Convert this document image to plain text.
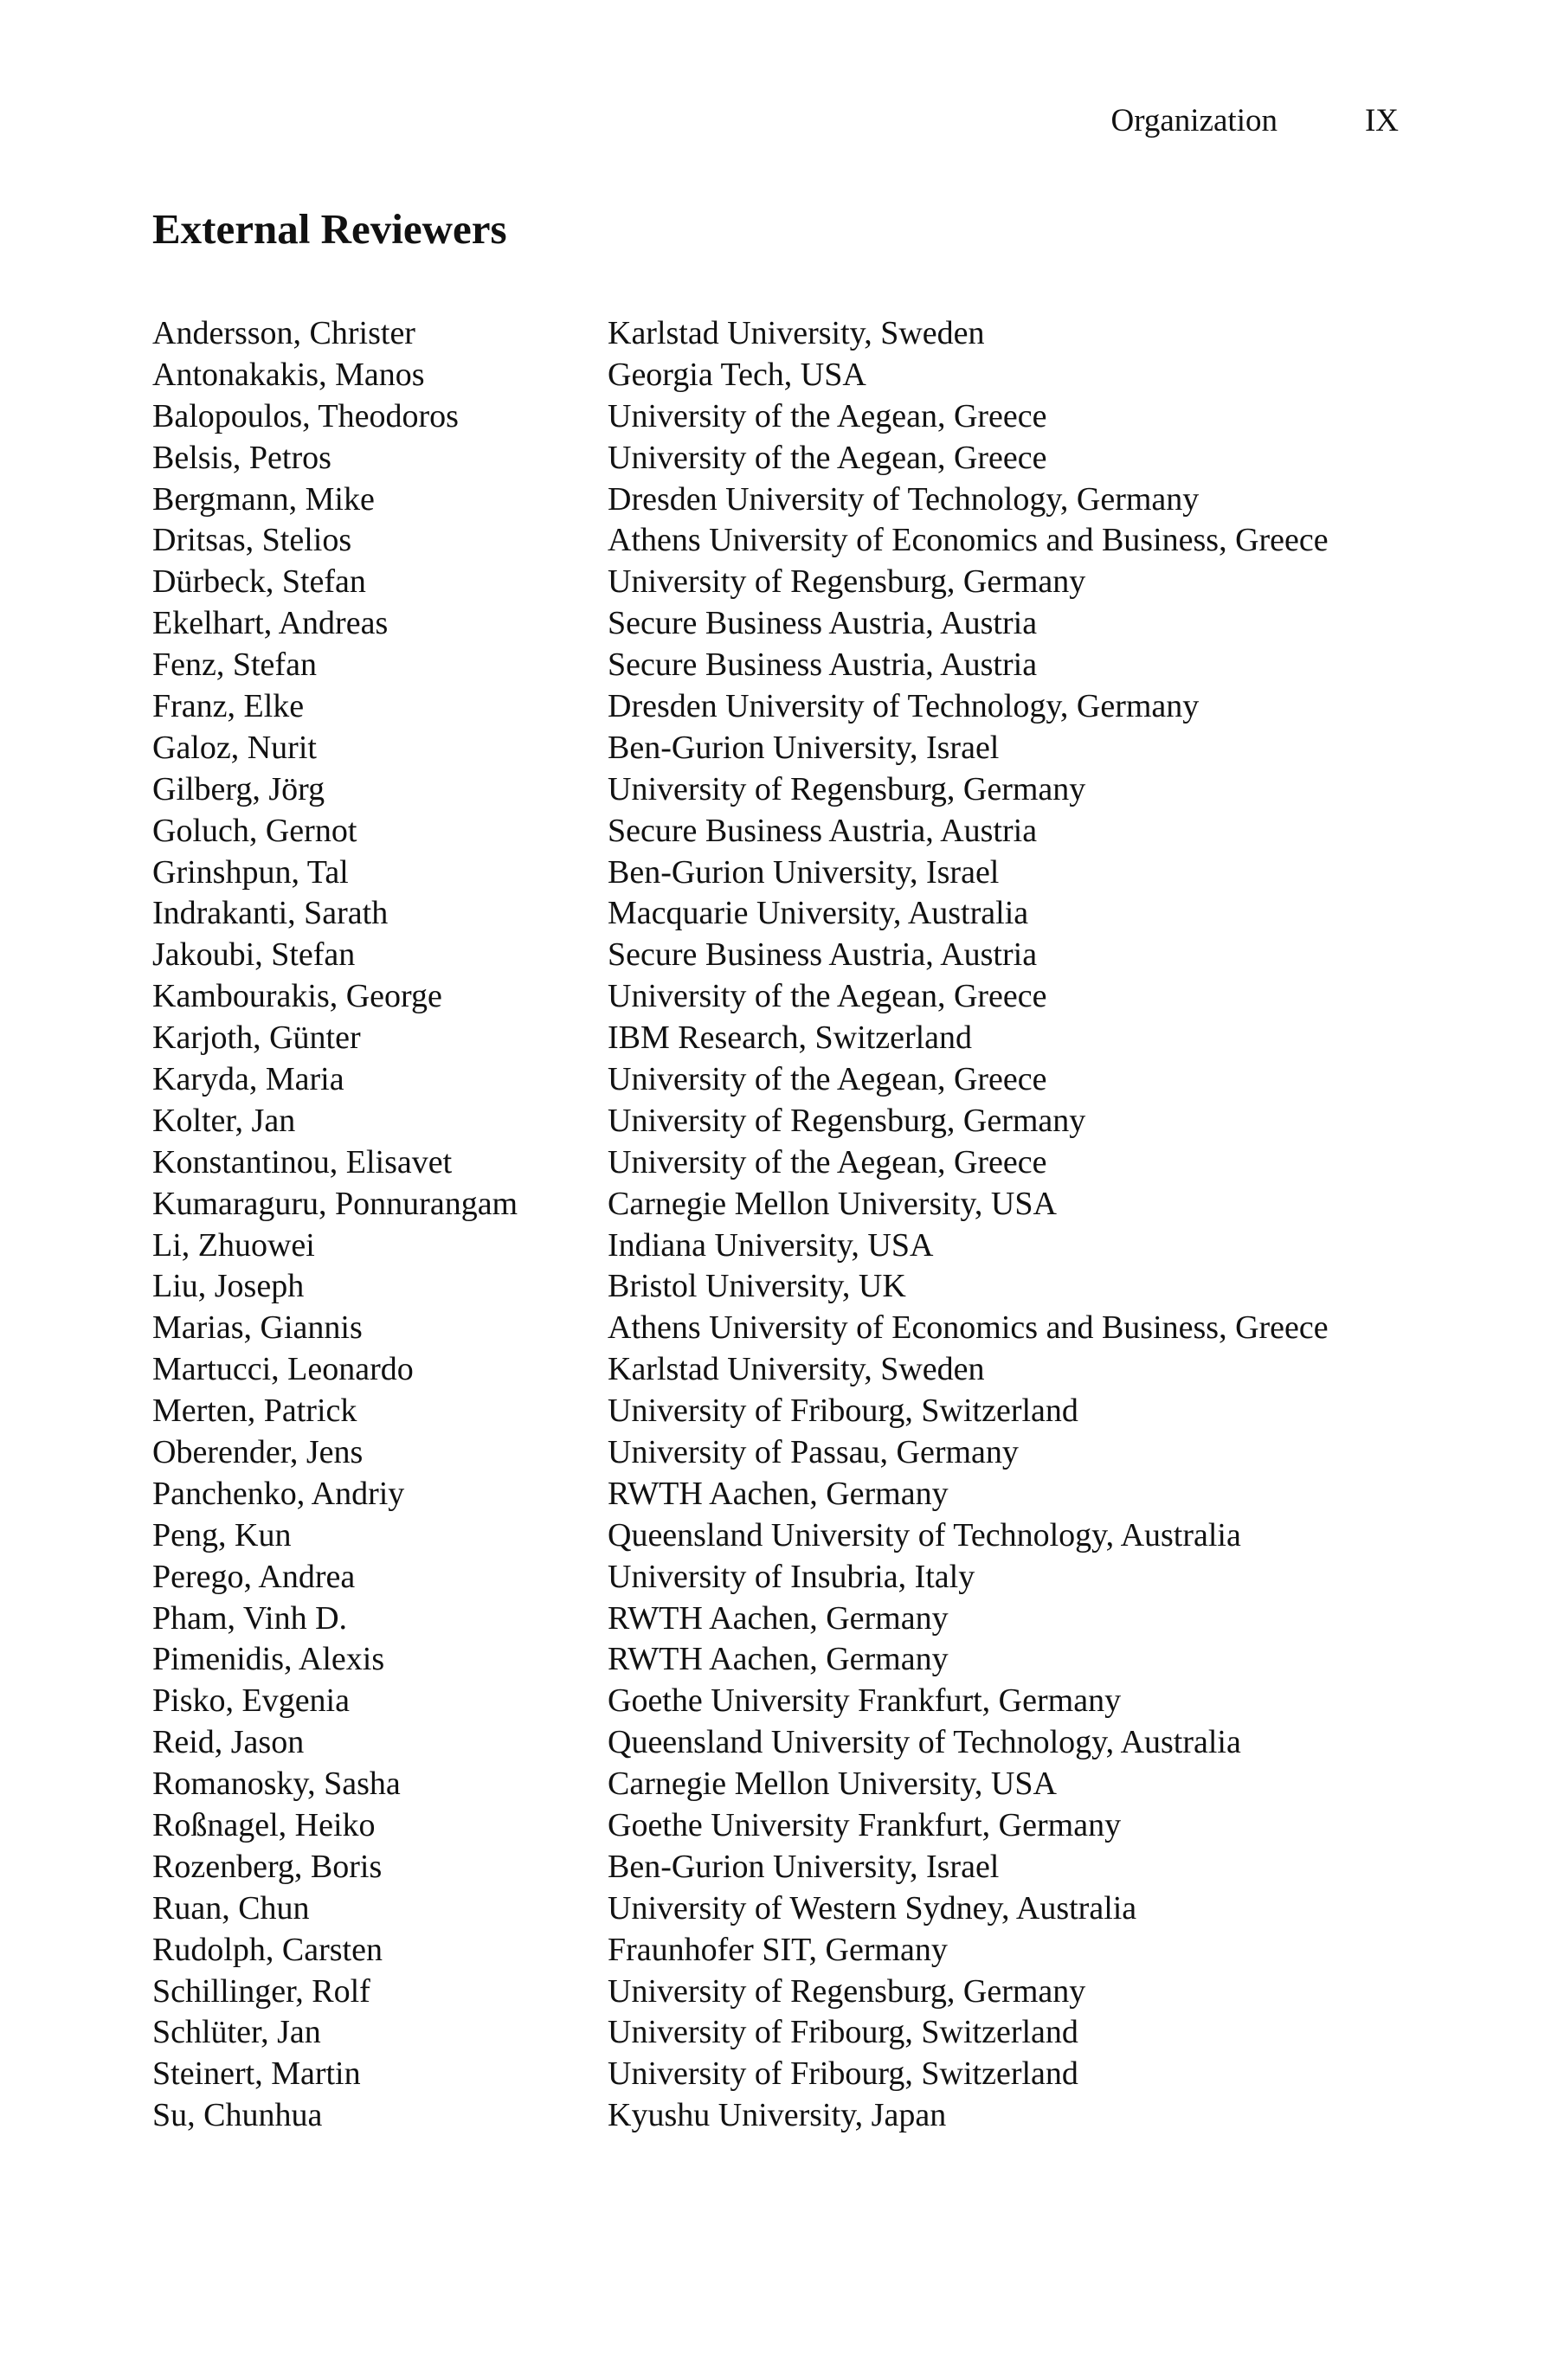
Organization	IX
External Reviewers
Andersson, Christer	Karlstad University, Sweden
Antonakakis, Manos	Georgia Tech, USA
Balopoulos, Theodoros	University of the Aegean, Greece
Belsis, Petros	University of the Aegean, Greece
Bergmann, Mike	Dresden University of Technology, Germany
Dritsas, Stelios	Athens University of Economics and Business, Greece
Dürbeck, Stefan	University of Regensburg, Germany
Ekelhart, Andreas	Secure Business Austria, Austria
Fenz, Stefan	Secure Business Austria, Austria
Franz, Elke	Dresden University of Technology, Germany
Galoz, Nurit	Ben-Gurion University, Israel
Gilberg, Jörg	University of Regensburg, Germany
Goluch, Gernot	Secure Business Austria, Austria
Grinshpun, Tal	Ben-Gurion University, Israel
Indrakanti, Sarath	Macquarie University, Australia
Jakoubi, Stefan	Secure Business Austria, Austria
Kambourakis, George	University of the Aegean, Greece
Karjoth, Günter	IBM Research, Switzerland
Karyda, Maria	University of the Aegean, Greece
Kolter, Jan	University of Regensburg, Germany
Konstantinou, Elisavet	University of the Aegean, Greece
Kumaraguru, Ponnurangam	Carnegie Mellon University, USA
Li, Zhuowei	Indiana University, USA
Liu, Joseph	Bristol University, UK
Marias, Giannis	Athens University of Economics and Business, Greece
Martucci, Leonardo	Karlstad University, Sweden
Merten, Patrick	University of Fribourg, Switzerland
Oberender, Jens	University of Passau, Germany
Panchenko, Andriy	RWTH Aachen, Germany
Peng, Kun	Queensland University of Technology, Australia
Perego, Andrea	University of Insubria, Italy
Pham, Vinh D.	RWTH Aachen, Germany
Pimenidis, Alexis	RWTH Aachen, Germany
Pisko, Evgenia	Goethe University Frankfurt, Germany
Reid, Jason	Queensland University of Technology, Australia
Romanosky, Sasha	Carnegie Mellon University, USA
Roßnagel, Heiko	Goethe University Frankfurt, Germany
Rozenberg, Boris	Ben-Gurion University, Israel
Ruan, Chun	University of Western Sydney, Australia
Rudolph, Carsten	Fraunhofer SIT, Germany
Schillinger, Rolf	University of Regensburg, Germany
Schlüter, Jan	University of Fribourg, Switzerland
Steinert, Martin	University of Fribourg, Switzerland
Su, Chunhua	Kyushu University, Japan
